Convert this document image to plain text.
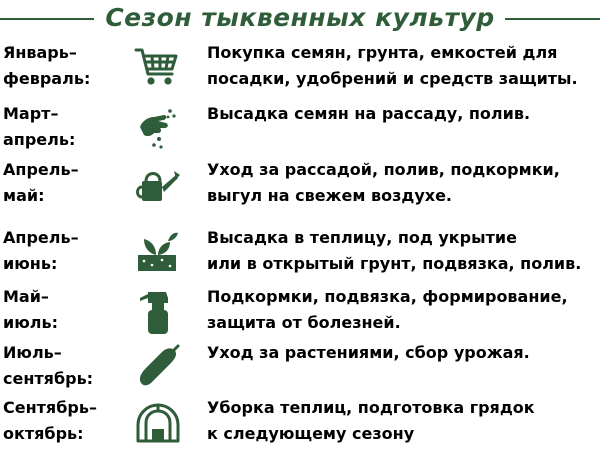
Сезон тыквенных культур
Январь–
февраль:
Покупка семян, грунта, емкостей для
посадки, удобрений и средств защиты.
Март–
апрель:
Высадка семян на рассаду, полив.
Апрель–
май:
Уход за рассадой, полив, подкормки,
выгул на свежем воздухе.
Апрель–
июнь:
Высадка в теплицу, под укрытие
или в открытый грунт, подвязка, полив.
Май–
июль:
Подкормки, подвязка, формирование,
защита от болезней.
Июль–
сентябрь:
Уход за растениями, сбор урожая.
Сентябрь–
октябрь:
Уборка теплиц, подготовка грядок
к следующему сезону
